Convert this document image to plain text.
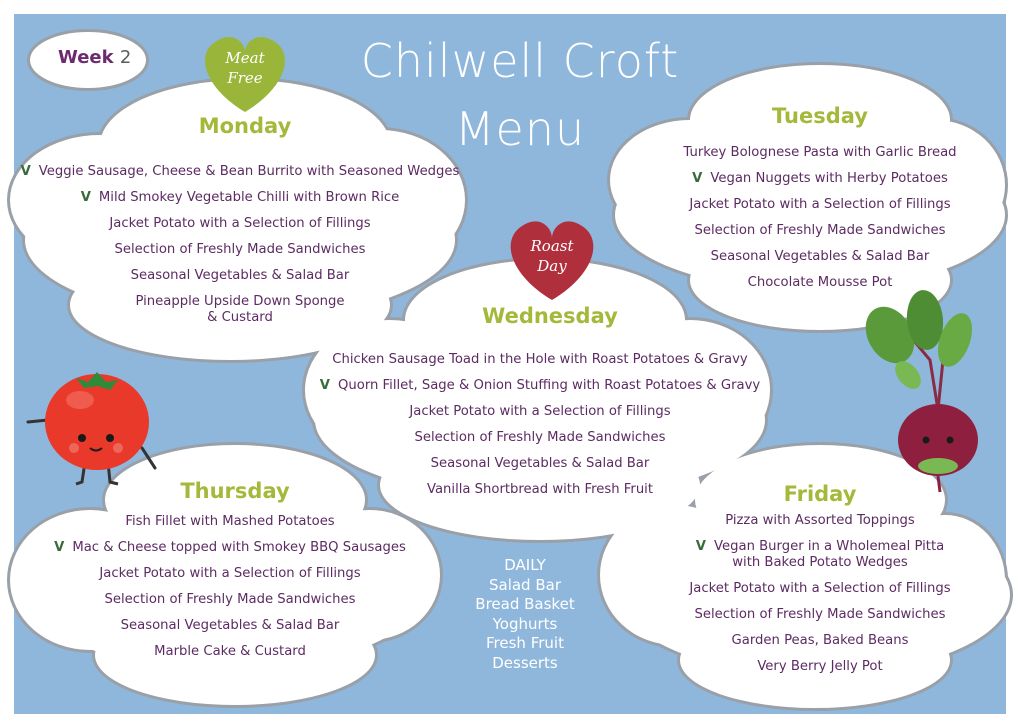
Week 2	Chilwell Croft
Menu
Meat
Free
Roast
Day
Monday
V Veggie Sausage, Cheese & Bean Burrito with Seasoned Wedges
V Mild Smokey Vegetable Chilli with Brown Rice
Jacket Potato with a Selection of Fillings
Selection of Freshly Made Sandwiches
Seasonal Vegetables & Salad Bar
Pineapple Upside Down Sponge
& Custard
Tuesday
Turkey Bolognese Pasta with Garlic Bread
V Vegan Nuggets with Herby Potatoes
Jacket Potato with a Selection of Fillings
Selection of Freshly Made Sandwiches
Seasonal Vegetables & Salad Bar
Chocolate Mousse Pot
Wednesday
Chicken Sausage Toad in the Hole with Roast Potatoes & Gravy
V Quorn Fillet, Sage & Onion Stuffing with Roast Potatoes & Gravy
Jacket Potato with a Selection of Fillings
Selection of Freshly Made Sandwiches
Seasonal Vegetables & Salad Bar
Vanilla Shortbread with Fresh Fruit
Thursday
Fish Fillet with Mashed Potatoes
V Mac & Cheese topped with Smokey BBQ Sausages
Jacket Potato with a Selection of Fillings
Selection of Freshly Made Sandwiches
Seasonal Vegetables & Salad Bar
Marble Cake & Custard
Friday
Pizza with Assorted Toppings
V Vegan Burger in a Wholemeal Pitta
with Baked Potato Wedges
Jacket Potato with a Selection of Fillings
Selection of Freshly Made Sandwiches
Garden Peas, Baked Beans
Very Berry Jelly Pot
DAILY
Salad Bar
Bread Basket
Yoghurts
Fresh Fruit
Desserts
